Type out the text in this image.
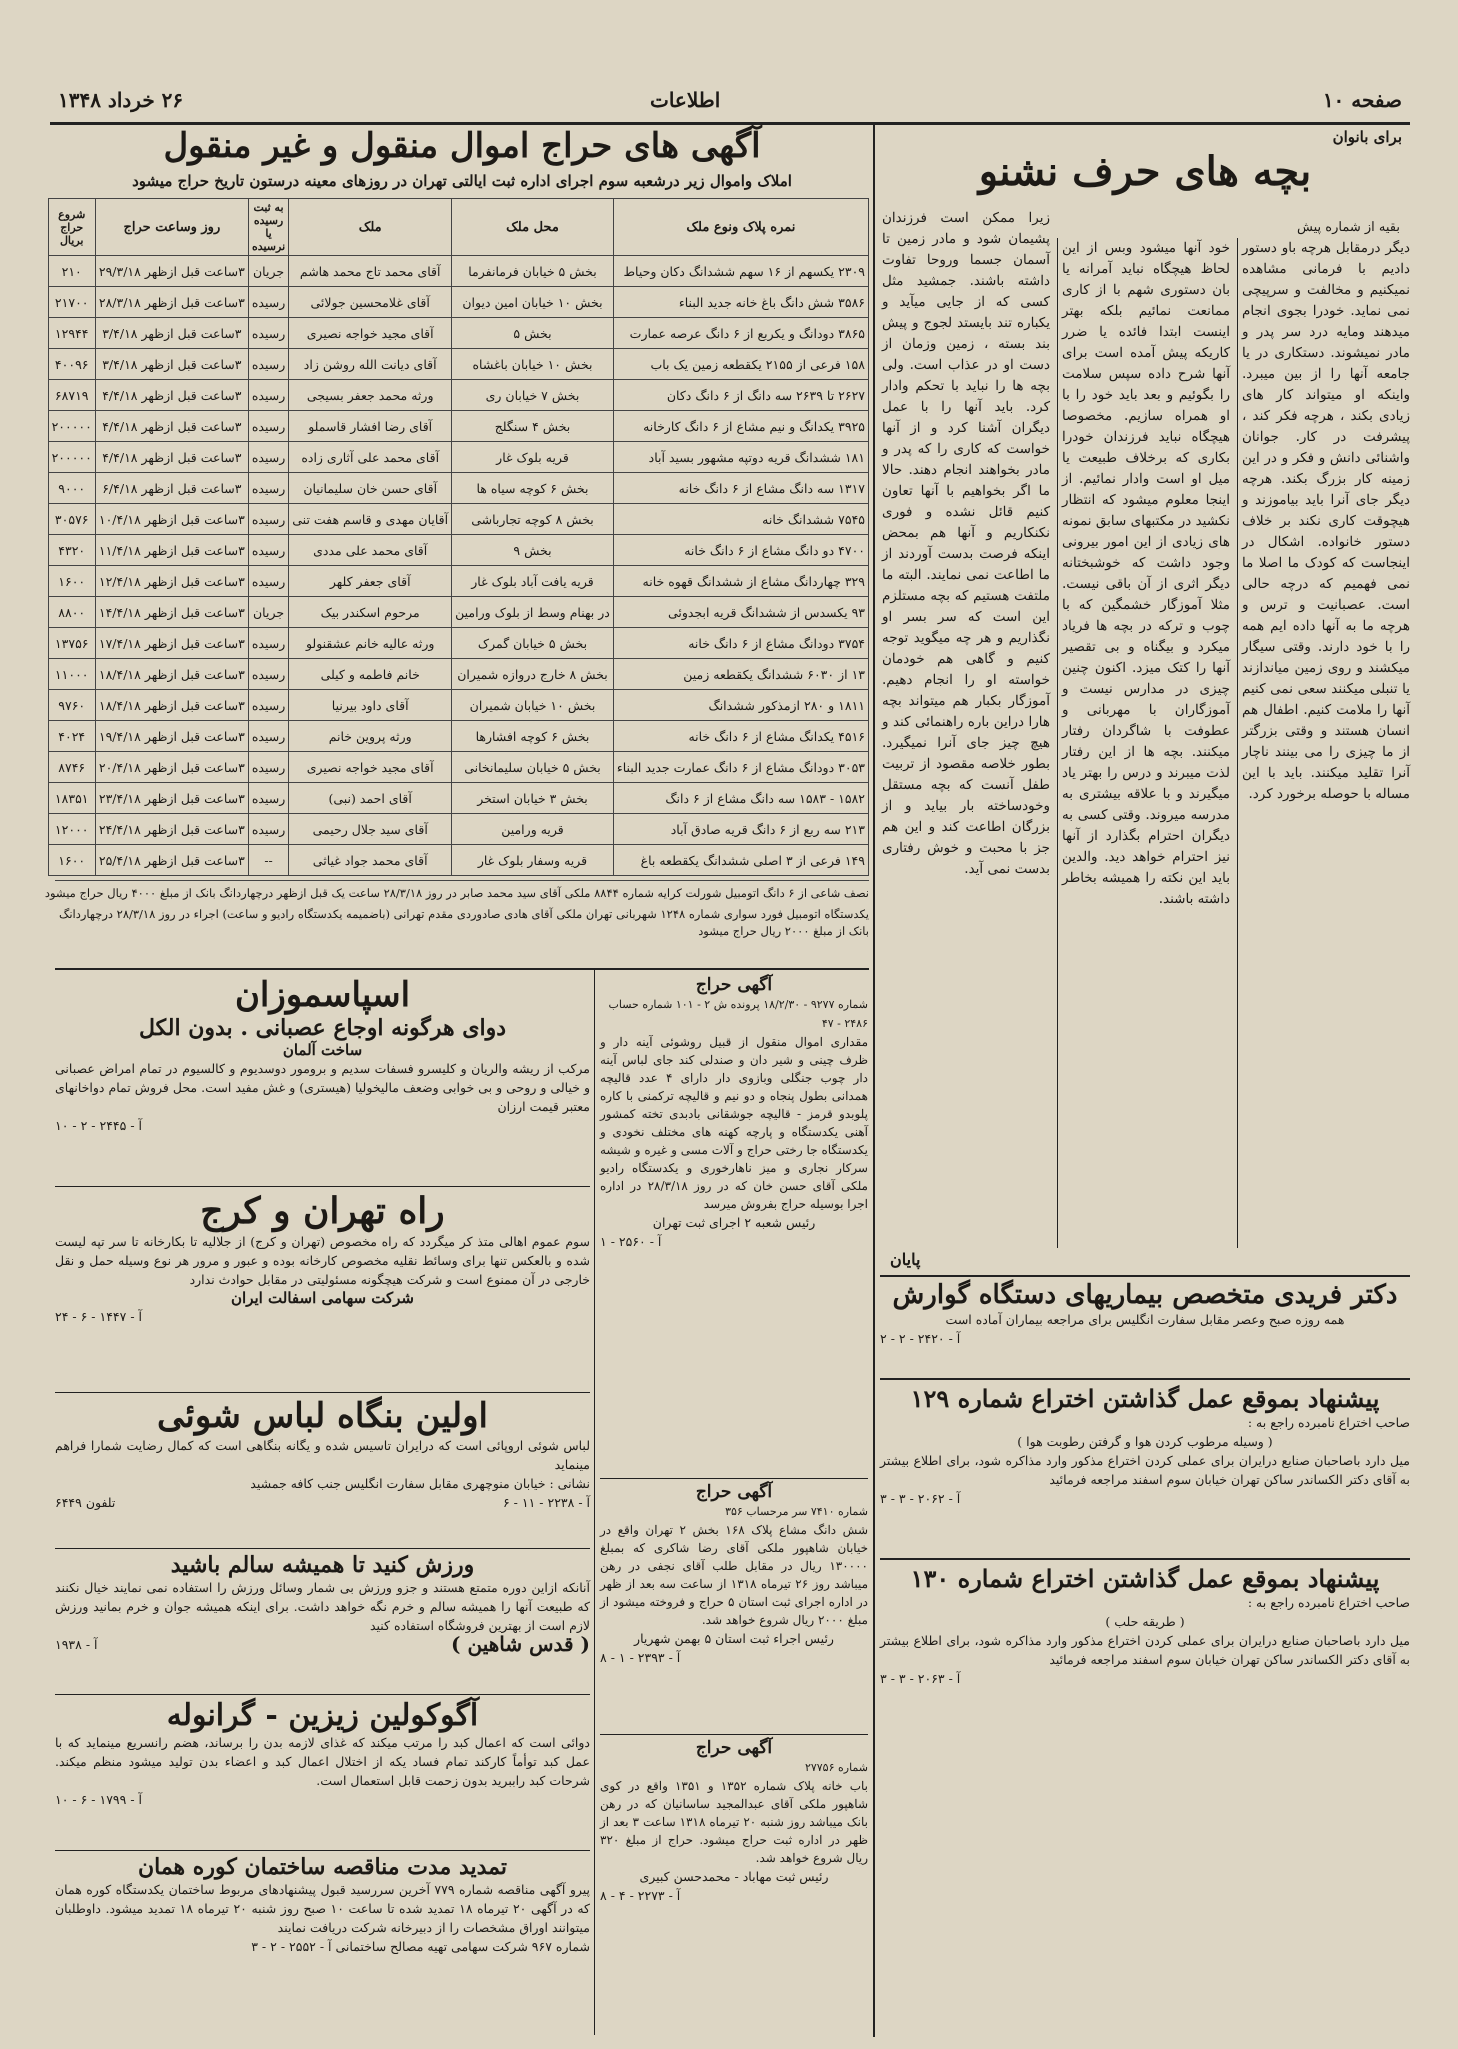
صفحه ۱۰
اطلاعات
۲۶ خرداد ۱۳۴۸
برای بانوان
بچه های حرف نشنو
بقیه از شماره پیش

دیگر درمقابل هرچه باو دستور دادیم با فرمانی مشاهده نمیکنیم و مخالفت و سرپیچی نمی نماید. خودرا بجوی انجام میدهند ومایه درد سر پدر و مادر نمیشوند. دستکاری در یا جامعه آنها را از بین میبرد. واینکه او میتواند کار های زیادی بکند ، هرچه فکر کند ، پیشرفت در کار. جوانان واشنائی دانش و فکر و در این زمینه کار بزرگ بکند. هرچه دیگر جای آنرا باید بیاموزند و هیچوقت کاری نکند بر خلاف دستور خانواده. اشکال در اینجاست که کودک ما اصلا ما نمی فهمیم که درچه حالی است. عصبانیت و ترس و هرچه ما به آنها داده ایم همه را با خود دارند. وقتی سیگار میکشند و روی زمین میاندازند یا تنبلی میکنند سعی نمی کنیم آنها را ملامت کنیم. اطفال هم انسان هستند و وقتی بزرگتر از ما چیزی را می بینند ناچار آنرا تقلید میکنند. باید با این مساله با حوصله برخورد کرد.

خود آنها میشود وبس از این لحاظ هیچگاه نباید آمرانه یا بان دستوری شهم با از کاری ممانعت نمائیم بلکه بهتر اینست ابتدا فائده یا ضرر کاریکه پیش آمده است برای آنها شرح داده سپس سلامت را بگوئیم و بعد باید خود را با او همراه سازیم. مخصوصا هیچگاه نباید فرزندان خودرا بکاری که برخلاف طبیعت یا میل او است وادار نمائیم. از اینجا معلوم میشود که انتظار نکشید در مکتبهای سابق نمونه های زیادی از این امور بیرونی وجود داشت که خوشبختانه دیگر اثری از آن باقی نیست. مثلا آموزگار خشمگین که با چوب و ترکه در بچه ها فریاد میکرد و بیگناه و بی تقصیر آنها را کتک میزد. اکنون چنین چیزی در مدارس نیست و آموزگاران با مهربانی و عطوفت با شاگردان رفتار میکنند. بچه ها از این رفتار لذت میبرند و درس را بهتر یاد میگیرند و با علاقه بیشتری به مدرسه میروند. وقتی کسی به دیگران احترام بگذارد از آنها نیز احترام خواهد دید. والدین باید این نکته را همیشه بخاطر داشته باشند.

زیرا ممکن است فرزندان پشیمان شود و مادر زمین تا آسمان جسما وروحا تفاوت داشته باشند. جمشید مثل کسی که از جایی میآید و یکباره تند بایستد لجوج و پیش بند بسته ، زمین وزمان از دست او در عذاب است. ولی بچه ها را نباید با تحکم وادار کرد. باید آنها را با عمل دیگران آشنا کرد و از آنها خواست که کاری را که پدر و مادر بخواهند انجام دهند. حالا ما اگر بخواهیم با آنها تعاون کنیم قائل نشده و فوری نکنکاریم و آنها هم بمحض اینکه فرصت بدست آوردند از ما اطاعت نمی نمایند. البته ما ملتفت هستیم که بچه مستلزم این است که سر بسر او نگذاریم و هر چه میگوید توجه کنیم و گاهی هم خودمان خواسته او را انجام دهیم. آموزگار بکبار هم میتواند بچه هارا دراین باره راهنمائی کند و هیچ چیز جای آنرا نمیگیرد. بطور خلاصه مقصود از تربیت طفل آنست که بچه مستقل وخودساخته بار بیاید و از بزرگان اطاعت کند و این هم جز با محبت و خوش رفتاری بدست نمی آید.

آگهی های حراج اموال منقول و غیر منقول
املاک واموال زیر درشعبه سوم اجرای اداره ثبت ایالتی تهران در روزهای معینه درستون تاریخ حراج میشود
نمره پلاک ونوع ملک	محل ملک	ملک	به ثبت رسیده یا نرسیده	روز وساعت حراج	شروع حراج بریال
۲۳۰۹ یکسهم از ۱۶ سهم ششدانگ دکان وحیاط	بخش ۵ خیابان فرمانفرما	آقای محمد تاج محمد هاشم	جریان	۳ساعت قبل ازظهر ۲۹/۳/۱۸	۲۱۰
۳۵۸۶ شش دانگ باغ خانه جدید البناء	بخش ۱۰ خیابان امین دیوان	آقای غلامحسین جولائی	رسیده	۳ساعت قبل ازظهر ۲۸/۳/۱۸	۲۱۷۰۰
۳۸۶۵ دودانگ و یکربع از ۶ دانگ عرصه عمارت	بخش ۵	آقای مجید خواجه نصیری	رسیده	۳ساعت قبل ازظهر ۳/۴/۱۸	۱۲۹۴۴
۱۵۸ فرعی از ۲۱۵۵ یکقطعه زمین یک باب	بخش ۱۰ خیابان باغشاه	آقای دیانت الله روشن زاد	رسیده	۳ساعت قبل ازظهر ۳/۴/۱۸	۴۰۰۹۶
۲۶۲۷ تا ۲۶۳۹ سه دانگ از ۶ دانگ دکان	بخش ۷ خیابان ری	ورثه محمد جعفر بسیجی	رسیده	۳ساعت قبل ازظهر ۴/۴/۱۸	۶۸۷۱۹
۳۹۲۵ یکدانگ و نیم مشاع از ۶ دانگ کارخانه	بخش ۴ سنگلج	آقای رضا افشار قاسملو	رسیده	۳ساعت قبل ازظهر ۴/۴/۱۸	۲۰۰۰۰۰
۱۸۱ ششدانگ قریه دوتپه مشهور بسید آباد	قریه بلوک غار	آقای محمد علی آثاری زاده	رسیده	۳ساعت قبل ازظهر ۴/۴/۱۸	۲۰۰۰۰۰
۱۳۱۷ سه دانگ مشاع از ۶ دانگ خانه	بخش ۶ کوچه سیاه ها	آقای حسن خان سلیمانیان	رسیده	۳ساعت قبل ازظهر ۶/۴/۱۸	۹۰۰۰
۷۵۴۵ ششدانگ خانه	بخش ۸ کوچه تجارباشی	آقایان مهدی و قاسم هفت تنی	رسیده	۳ساعت قبل ازظهر ۱۰/۴/۱۸	۳۰۵۷۶
۴۷۰۰ دو دانگ مشاع از ۶ دانگ خانه	بخش ۹	آقای محمد علی مددی	رسیده	۳ساعت قبل ازظهر ۱۱/۴/۱۸	۴۳۲۰
۳۲۹ چهاردانگ مشاع از ششدانگ قهوه خانه	قریه یافت آباد بلوک غار	آقای جعفر کلهر	رسیده	۳ساعت قبل ازظهر ۱۲/۴/۱۸	۱۶۰۰
۹۳ یکسدس از ششدانگ قریه ابجدوئی	در بهنام وسط از بلوک ورامین	مرحوم اسکندر بیک	جریان	۳ساعت قبل ازظهر ۱۴/۴/۱۸	۸۸۰۰
۳۷۵۴ دودانگ مشاع از ۶ دانگ خانه	بخش ۵ خیابان گمرک	ورثه عالیه خانم عشقنولو	رسیده	۳ساعت قبل ازظهر ۱۷/۴/۱۸	۱۳۷۵۶
۱۳ از ۶۰۳۰ ششدانگ یکقطعه زمین	بخش ۸ خارج دروازه شمیران	خانم فاطمه و کیلی	رسیده	۳ساعت قبل ازظهر ۱۸/۴/۱۸	۱۱۰۰۰
۱۸۱۱ و ۲۸۰ ازمذکور ششدانگ	بخش ۱۰ خیابان شمیران	آقای داود بیرنیا	رسیده	۳ساعت قبل ازظهر ۱۸/۴/۱۸	۹۷۶۰
۴۵۱۶ یکدانگ مشاع از ۶ دانگ خانه	بخش ۶ کوچه افشارها	ورثه پروین خانم	رسیده	۳ساعت قبل ازظهر ۱۹/۴/۱۸	۴۰۲۴
۳۰۵۳ دودانگ مشاع از ۶ دانگ عمارت جدید البناء	بخش ۵ خیابان سلیمانخانی	آقای مجید خواجه نصیری	رسیده	۳ساعت قبل ازظهر ۲۰/۴/۱۸	۸۷۴۶
۱۵۸۲ - ۱۵۸۳ سه دانگ مشاع از ۶ دانگ	بخش ۳ خیابان استخر	آقای احمد (نبی)	رسیده	۳ساعت قبل ازظهر ۲۳/۴/۱۸	۱۸۳۵۱
۲۱۳ سه ربع از ۶ دانگ قریه صادق آباد	قریه ورامین	آقای سید جلال رحیمی	رسیده	۳ساعت قبل ازظهر ۲۴/۴/۱۸	۱۲۰۰۰
۱۴۹ فرعی از ۳ اصلی ششدانگ یکقطعه باغ	قریه وسفار بلوک غار	آقای محمد جواد غیاثی	--	۳ساعت قبل ازظهر ۲۵/۴/۱۸	۱۶۰۰
نصف شاعی از ۶ دانگ اتومبیل شورلت کرایه شماره ۸۸۴۴ ملکی آقای سید محمد صابر در روز ۲۸/۳/۱۸ ساعت یک قبل ازظهر درچهاردانگ بانک از مبلغ ۴۰۰۰ ریال حراج میشود
یکدستگاه اتومبیل فورد سواری شماره ۱۲۴۸ شهربانی تهران ملکی آقای هادی صادوردی مقدم تهرانی (باضمیمه یکدستگاه رادیو و ساعت) اجراء در روز ۲۸/۳/۱۸ درچهاردانگ بانک از مبلغ ۲۰۰۰ ریال حراج میشود
اسپاسموزان
دوای هرگونه اوجاع عصبانی . بدون الکل
ساخت آلمان

مرکب از ریشه والریان و کلیسرو فسفات سدیم و برومور دوسدیوم و کالسیوم در تمام امراض عصبانی و خیالی و روحی و بی خوابی وضعف مالیخولیا (هیستری) و غش مفید است. محل فروش تمام دواخانهای معتبر قیمت ارزان

آ - ۲۴۴۵ - ۲ - ۱۰
راه تهران و کرج

سوم عموم اهالی متذ کر میگردد که راه مخصوص (تهران و کرج) از جلالیه تا بکارخانه تا سر تپه لیست شده و بالعکس تنها برای وسائط نقلیه مخصوص کارخانه بوده و عبور و مرور هر نوع وسیله حمل و نقل خارجی در آن ممنوع است و شرکت هیچگونه مسئولیتی در مقابل حوادث ندارد

شرکت سهامی اسفالت ایران
آ - ۱۴۴۷ - ۶ - ۲۴
اولین بنگاه لباس شوئی

لباس شوئی اروپائی است که درایران تاسیس شده و یگانه بنگاهی است که کمال رضایت شمارا فراهم مینماید

نشانی : خیابان منوچهری مقابل سفارت انگلیس جنب کافه جمشید
آ - ۲۲۳۸ - ۱۱ - ۶
تلفون ۶۴۴۹
ورزش کنید تا همیشه سالم باشید

آنانکه ازاین دوره متمتع هستند و جزو ورزش بی شمار وسائل ورزش را استفاده نمی نمایند خیال نکنند که طبیعت آنها را همیشه سالم و خرم نگه خواهد داشت. برای اینکه همیشه جوان و خرم بمانید ورزش لازم است از بهترین فروشگاه استفاده کنید

( قدس شاهین )
آ - ۱۹۳۸
آگوکولین زیزین - گرانوله

دوائی است که اعمال کبد را مرتب میکند که غذای لازمه بدن را برساند، هضم رانسریع مینماید که با عمل کبد توأماً کارکند تمام فساد یکه از اختلال اعمال کبد و اعضاء بدن تولید میشود منظم میکند. شرحات کبد راببرید بدون زحمت قابل استعمال است.

آ - ۱۷۹۹ - ۶ - ۱۰
تمدید مدت مناقصه ساختمان کوره همان

پیرو آگهی مناقصه شماره ۷۷۹ آخرین سررسید قبول پیشنهادهای مربوط ساختمان یکدستگاه کوره همان که در آگهی ۲۰ تیرماه ۱۸ تمدید شده تا ساعت ۱۰ صبح روز شنبه ۲۰ تیرماه ۱۸ تمدید میشود. داوطلبان میتوانند اوراق مشخصات را از دبیرخانه شرکت دریافت نمایند

شماره ۹۶۷ شرکت سهامی تهیه مصالح ساختمانی آ - ۲۵۵۲ - ۲ - ۳
آگهی حراج
شماره ۹۲۷۷ - ۱۸/۲/۳۰ پرونده ش ۲ - ۱۰۱ شماره حساب ۲۴۸۶ - ۴۷

مقداری اموال منقول از قبیل روشوئی آینه دار و ظرف چینی و شیر دان و صندلی کند جای لباس آینه دار چوب جنگلی وبازوی دار دارای ۴ عدد قالیچه همدانی بطول پنجاه و دو نیم و قالیچه ترکمنی با کاره پلوبدو قرمز - قالیچه جوشقانی بادبدی تخته کمشور آهنی یکدستگاه و پارچه کهنه های مختلف نخودی و یکدستگاه جا رختی حراج و آلات مسی و غیره و شیشه سرکار نجاری و میز ناهارخوری و یکدستگاه رادیو ملکی آقای حسن خان که در روز ۲۸/۳/۱۸ در اداره اجرا بوسیله حراج بفروش میرسد

رئیس شعبه ۲ اجرای ثبت تهران
آ - ۲۵۶۰ - ۱
آگهی حراج
شماره ۷۴۱۰ سر مرحساب ۳۵۶

شش دانگ مشاع پلاک ۱۶۸ بخش ۲ تهران واقع در خیابان شاهپور ملکی آقای رضا شاکری که بمبلغ ۱۳۰۰۰۰ ریال در مقابل طلب آقای نجفی در رهن میباشد روز ۲۶ تیرماه ۱۳۱۸ از ساعت سه بعد از ظهر در اداره اجرای ثبت استان ۵ حراج و فروخته میشود از مبلغ ۲۰۰۰ ریال شروع خواهد شد.

رئیس اجراء ثبت استان ۵ بهمن شهریار
آ - ۲۳۹۳ - ۱ - ۸
آگهی حراج
شماره ۲۷۷۵۶

باب خانه پلاک شماره ۱۳۵۲ و ۱۳۵۱ واقع در کوی شاهپور ملکی آقای عبدالمجید ساسانیان که در رهن بانک میباشد روز شنبه ۲۰ تیرماه ۱۳۱۸ ساعت ۳ بعد از ظهر در اداره ثبت حراج میشود. حراج از مبلغ ۳۲۰ ریال شروع خواهد شد.

رئیس ثبت مهاباد - محمدحسن کبیری
آ - ۲۲۷۳ - ۴ - ۸
پایان
دکتر فریدی متخصص بیماریهای دستگاه گوارش
همه روزه صبح وعصر مقابل سفارت انگلیس برای مراجعه بیماران آماده است
آ - ۲۴۲۰ - ۲ - ۲
پیشنهاد بموقع عمل گذاشتن اختراع شماره ۱۲۹
صاحب اختراع نامبرده راجع به :
( وسیله مرطوب کردن هوا و گرفتن رطوبت هوا )

میل دارد باصاحبان صنایع درایران برای عملی کردن اختراع مذکور وارد مذاکره شود، برای اطلاع بیشتر به آقای دکتر الکساندر ساکن تهران خیابان سوم اسفند مراجعه فرمائید

آ - ۲۰۶۲ - ۳ - ۳
پیشنهاد بموقع عمل گذاشتن اختراع شماره ۱۳۰
صاحب اختراع نامبرده راجع به :
( طریقه حلب )

میل دارد باصاحبان صنایع درایران برای عملی کردن اختراع مذکور وارد مذاکره شود، برای اطلاع بیشتر به آقای دکتر الکساندر ساکن تهران خیابان سوم اسفند مراجعه فرمائید

آ - ۲۰۶۳ - ۳ - ۳
